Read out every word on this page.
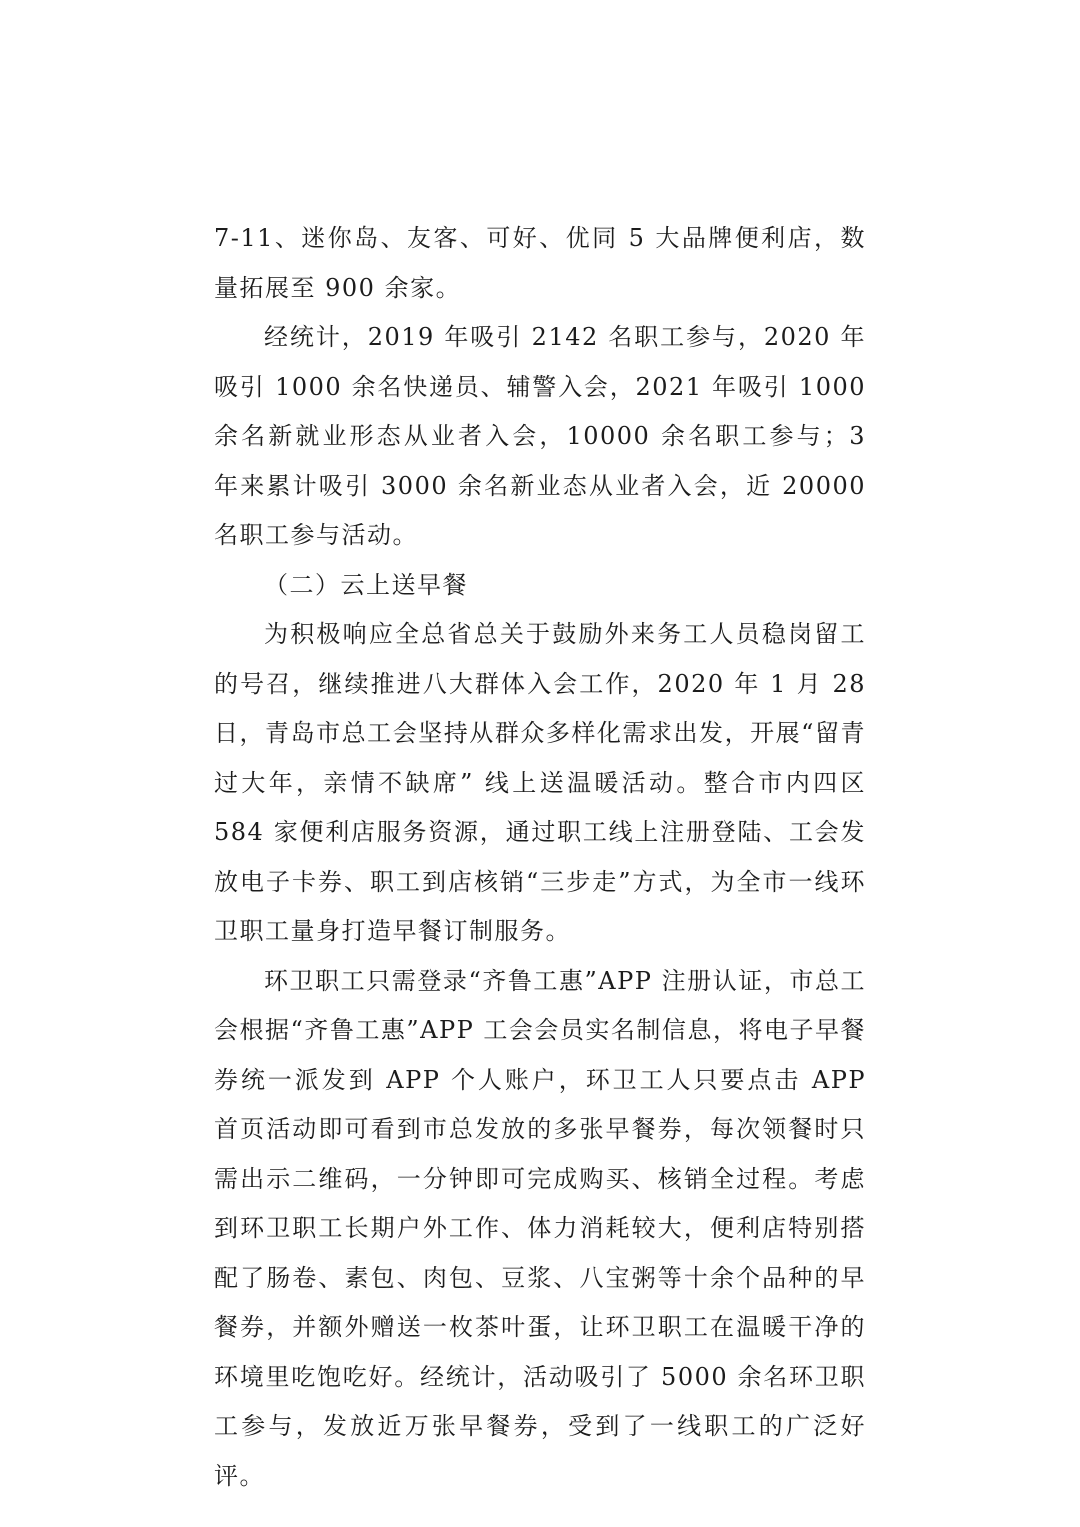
7-11、迷你岛、友客、可好、优同 5 大品牌便利店，数量拓展至 900 余家。

经统计，2019 年吸引 2142 名职工参与，2020 年吸引 1000 余名快递员、辅警入会，2021 年吸引 1000 余名新就业形态从业者入会，10000 余名职工参与；3 年来累计吸引 3000 余名新业态从业者入会，近 20000 名职工参与活动。

（二）云上送早餐

为积极响应全总省总关于鼓励外来务工人员稳岗留工的号召，继续推进八大群体入会工作，2020 年 1 月 28 日，青岛市总工会坚持从群众多样化需求出发，开展“留青过大年，亲情不缺席” 线上送温暖活动。整合市内四区 584 家便利店服务资源，通过职工线上注册登陆、工会发放电子卡券、职工到店核销“三步走”方式，为全市一线环卫职工量身打造早餐订制服务。

环卫职工只需登录“齐鲁工惠”APP 注册认证，市总工会根据“齐鲁工惠”APP 工会会员实名制信息，将电子早餐券统一派发到 APP 个人账户，环卫工人只要点击 APP 首页活动即可看到市总发放的多张早餐券，每次领餐时只需出示二维码，一分钟即可完成购买、核销全过程。考虑到环卫职工长期户外工作、体力消耗较大，便利店特别搭配了肠卷、素包、肉包、豆浆、八宝粥等十余个品种的早餐券，并额外赠送一枚茶叶蛋，让环卫职工在温暖干净的环境里吃饱吃好。经统计，活动吸引了 5000 余名环卫职工参与，发放近万张早餐券，受到了一线职工的广泛好评。
